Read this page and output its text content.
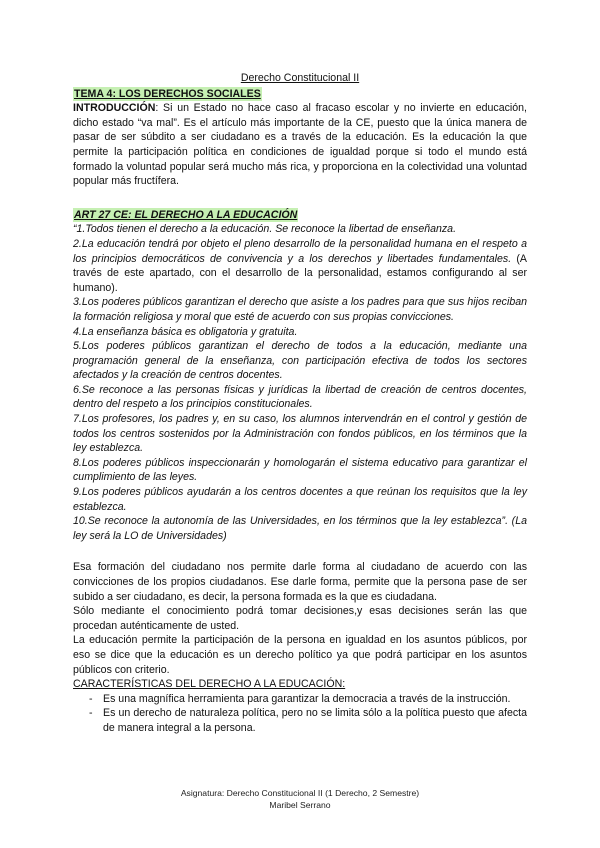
Derecho Constitucional II
TEMA 4: LOS DERECHOS SOCIALES

INTRODUCCIÓN: Si un Estado no hace caso al fracaso escolar y no invierte en educación, dicho estado “va mal”. Es el artículo más importante de la CE, puesto que la única manera de pasar de ser súbdito a ser ciudadano es a través de la educación. Es la educación la que permite la participación política en condiciones de igualdad porque si todo el mundo está formado la voluntad popular será mucho más rica, y proporciona en la colectividad una voluntad popular más fructífera.

ART 27 CE: EL DERECHO A LA EDUCACIÓN
“1.Todos tienen el derecho a la educación. Se reconoce la libertad de enseñanza.
2.La educación tendrá por objeto el pleno desarrollo de la personalidad humana en el respeto a los principios democráticos de convivencia y a los derechos y libertades fundamentales. (A través de este apartado, con el desarrollo de la personalidad, estamos configurando al ser humano).
3.Los poderes públicos garantizan el derecho que asiste a los padres para que sus hijos reciban la formación religiosa y moral que esté de acuerdo con sus propias convicciones.
4.La enseñanza básica es obligatoria y gratuita.
5.Los poderes públicos garantizan el derecho de todos a la educación, mediante una programación general de la enseñanza, con participación efectiva de todos los sectores afectados y la creación de centros docentes.
6.Se reconoce a las personas físicas y jurídicas la libertad de creación de centros docentes, dentro del respeto a los principios constitucionales.
7.Los profesores, los padres y, en su caso, los alumnos intervendrán en el control y gestión de todos los centros sostenidos por la Administración con fondos públicos, en los términos que la ley establezca.
8.Los poderes públicos inspeccionarán y homologarán el sistema educativo para garantizar el cumplimiento de las leyes.
9.Los poderes públicos ayudarán a los centros docentes a que reúnan los requisitos que la ley establezca.
10.Se reconoce la autonomía de las Universidades, en los términos que la ley establezca”. (La ley será la LO de Universidades)

Esa formación del ciudadano nos permite darle forma al ciudadano de acuerdo con las convicciones de los propios ciudadanos. Ese darle forma, permite que la persona pase de ser subido a ser ciudadano, es decir, la persona formada es la que es ciudadana.

Sólo mediante el conocimiento podrá tomar decisiones,y esas decisiones serán las que procedan auténticamente de usted.

La educación permite la participación de la persona en igualdad en los asuntos públicos, por eso se dice que la educación es un derecho político ya que podrá participar en los asuntos públicos con criterio.

CARACTERÍSTICAS DEL DERECHO A LA EDUCACIÓN:

- Es una magnífica herramienta para garantizar la democracia a través de la instrucción.
- Es un derecho de naturaleza política, pero no se limita sólo a la política puesto que afecta de manera integral a la persona.
Asignatura: Derecho Constitucional II (1 Derecho, 2 Semestre)
Maribel Serrano
